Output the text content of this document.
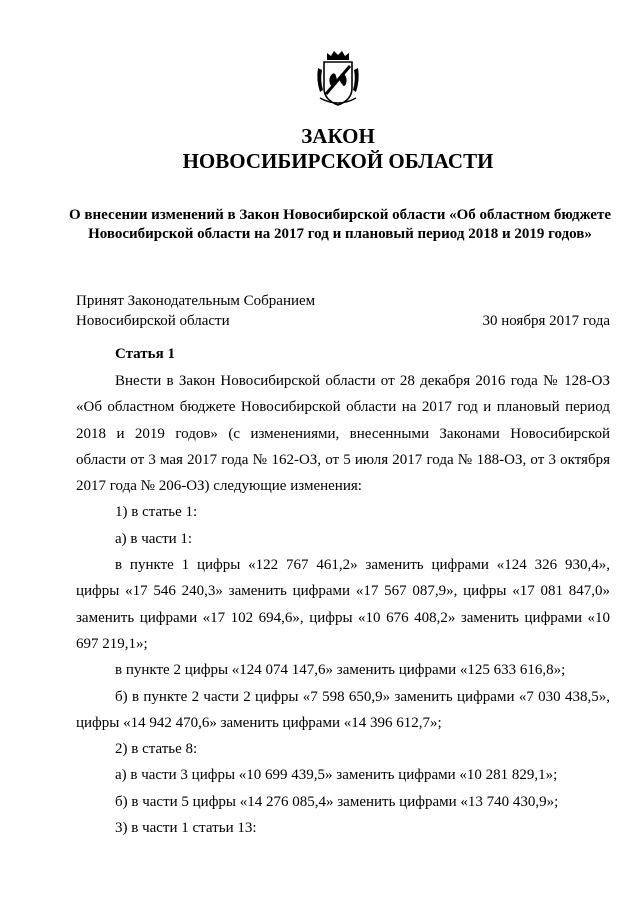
ЗАКОН
НОВОСИБИРСКОЙ ОБЛАСТИ
О внесении изменений в Закон Новосибирской области «Об областном бюджете Новосибирской области на 2017 год и плановый период 2018 и 2019 годов»
Принят Законодательным Собранием
Новосибирской области	30 ноября 2017 года
Статья 1

Внести в Закон Новосибирской области от 28 декабря 2016 года № 128-ОЗ «Об областном бюджете Новосибирской области на 2017 год и плановый период 2018 и 2019 годов» (с изменениями, внесенными Законами Новосибирской области от 3 мая 2017 года № 162-ОЗ, от 5 июля 2017 года № 188-ОЗ, от 3 октября 2017 года № 206-ОЗ) следующие изменения:

1) в статье 1:

а) в части 1:

в пункте 1 цифры «122 767 461,2» заменить цифрами «124 326 930,4», цифры «17 546 240,3» заменить цифрами «17 567 087,9», цифры «17 081 847,0» заменить цифрами «17 102 694,6», цифры «10 676 408,2» заменить цифрами «10 697 219,1»;

в пункте 2 цифры «124 074 147,6» заменить цифрами «125 633 616,8»;

б) в пункте 2 части 2 цифры «7 598 650,9» заменить цифрами «7 030 438,5», цифры «14 942 470,6» заменить цифрами «14 396 612,7»;

2) в статье 8:

а) в части 3 цифры «10 699 439,5» заменить цифрами «10 281 829,1»;

б) в части 5 цифры «14 276 085,4» заменить цифрами «13 740 430,9»;

3) в части 1 статьи 13:
